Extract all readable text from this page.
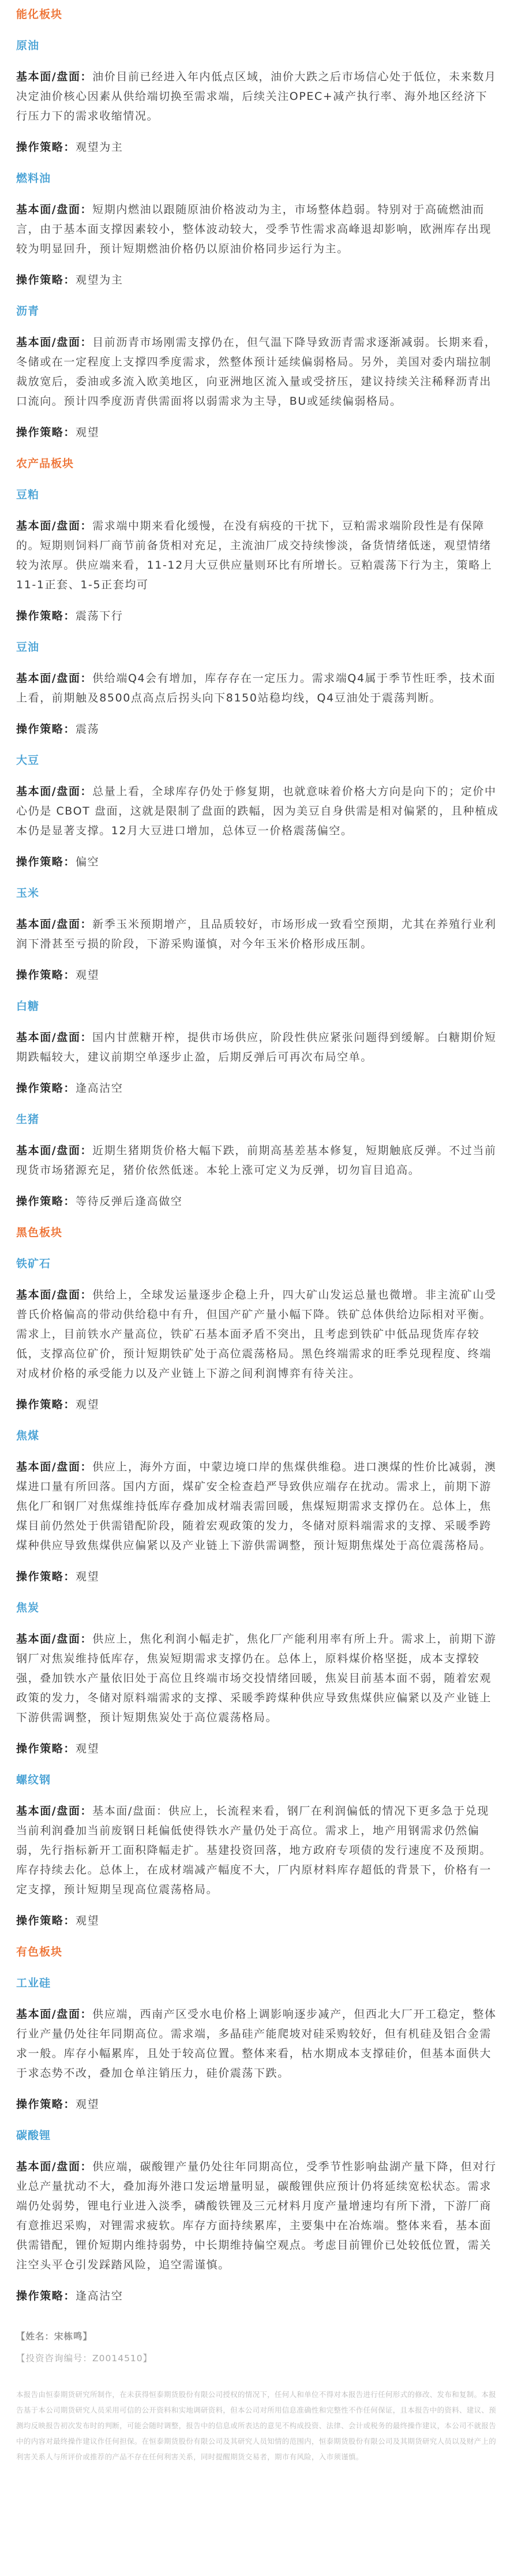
能化板块
原油

基本面/盘面：油价目前已经进入年内低点区域，油价大跌之后市场信心处于低位，未来数月决定油价核心因素从供给端切换至需求端，后续关注OPEC+减产执行率、海外地区经济下行压力下的需求收缩情况。

操作策略：观望为主

燃料油

基本面/盘面：短期内燃油以跟随原油价格波动为主，市场整体趋弱。特别对于高硫燃油而言，由于基本面支撑因素较小，整体波动较大，受季节性需求高峰退却影响，欧洲库存出现较为明显回升，预计短期燃油价格仍以原油价格同步运行为主。

操作策略：观望为主

沥青

基本面/盘面：目前沥青市场刚需支撑仍在，但气温下降导致沥青需求逐渐减弱。长期来看，冬储或在一定程度上支撑四季度需求，然整体预计延续偏弱格局。另外，美国对委内瑞拉制裁放宽后，委油或多流入欧美地区，向亚洲地区流入量或受挤压，建议持续关注稀释沥青出口流向。预计四季度沥青供需面将以弱需求为主导，BU或延续偏弱格局。

操作策略：观望

农产品板块
豆粕

基本面/盘面：需求端中期来看化缓慢，在没有病疫的干扰下，豆粕需求端阶段性是有保障的。短期则饲料厂商节前备货相对充足，主流油厂成交持续惨淡，备货情绪低迷，观望情绪较为浓厚。供应端来看，11-12月大豆供应量则环比有所增长。豆粕震荡下行为主，策略上11-1正套、1-5正套均可

操作策略：震荡下行

豆油

基本面/盘面：供给端Q4会有增加，库存存在一定压力。需求端Q4属于季节性旺季，技术面上看，前期触及8500点高点后拐头向下8150站稳均线，Q4豆油处于震荡判断。

操作策略：震荡

大豆

基本面/盘面：总量上看，全球库存仍处于修复期，也就意味着价格大方向是向下的；定价中心仍是 CBOT 盘面，这就是限制了盘面的跌幅，因为美豆自身供需是相对偏紧的，且种植成本仍是显著支撑。12月大豆进口增加，总体豆一价格震荡偏空。

操作策略：偏空

玉米

基本面/盘面：新季玉米预期增产，且品质较好，市场形成一致看空预期，尤其在养殖行业利润下滑甚至亏损的阶段，下游采购谨慎，对今年玉米价格形成压制。

操作策略：观望

白糖

基本面/盘面：国内甘蔗糖开榨，提供市场供应，阶段性供应紧张问题得到缓解。白糖期价短期跌幅较大，建议前期空单逐步止盈，后期反弹后可再次布局空单。

操作策略：逢高沽空

生猪

基本面/盘面：近期生猪期货价格大幅下跌，前期高基差基本修复，短期触底反弹。不过当前现货市场猪源充足，猪价依然低迷。本轮上涨可定义为反弹，切勿盲目追高。

操作策略：等待反弹后逢高做空

黑色板块
铁矿石

基本面/盘面：供给上，全球发运量逐步企稳上升，四大矿山发运总量也微增。非主流矿山受普氏价格偏高的带动供给稳中有升，但国产矿产量小幅下降。铁矿总体供给边际相对平衡。需求上，目前铁水产量高位，铁矿石基本面矛盾不突出，且考虑到铁矿中低品现货库存较低，支撑高位矿价，预计短期铁矿处于高位震荡格局。黑色终端需求的旺季兑现程度、终端对成材价格的承受能力以及产业链上下游之间利润博弈有待关注。

操作策略：观望

焦煤

基本面/盘面：供应上，海外方面，中蒙边境口岸的焦煤供维稳。进口澳煤的性价比减弱，澳煤进口量有所回落。国内方面，煤矿安全检查趋严导致供应端存在扰动。需求上，前期下游焦化厂和钢厂对焦煤维持低库存叠加成材端表需回暖，焦煤短期需求支撑仍在。总体上，焦煤目前仍然处于供需错配阶段，随着宏观政策的发力，冬储对原料端需求的支撑、采暖季跨煤种供应导致焦煤供应偏紧以及产业链上下游供需调整，预计短期焦煤处于高位震荡格局。

操作策略：观望

焦炭

基本面/盘面：供应上，焦化利润小幅走扩，焦化厂产能利用率有所上升。需求上，前期下游钢厂对焦炭维持低库存，焦炭短期需求支撑仍在。总体上，原料煤价格坚挺，成本支撑较强，叠加铁水产量依旧处于高位且终端市场交投情绪回暖，焦炭目前基本面不弱，随着宏观政策的发力，冬储对原料端需求的支撑、采暖季跨煤种供应导致焦煤供应偏紧以及产业链上下游供需调整，预计短期焦炭处于高位震荡格局。

操作策略：观望

螺纹钢

基本面/盘面：基本面/盘面：供应上，长流程来看，钢厂在利润偏低的情况下更多急于兑现当前利润叠加当前废钢日耗偏低使得铁水产量仍处于高位。需求上，地产用钢需求仍然偏弱，先行指标新开工面积降幅走扩。基建投资回落，地方政府专项债的发行速度不及预期。库存持续去化。总体上，在成材端减产幅度不大，厂内原材料库存超低的背景下，价格有一定支撑，预计短期呈现高位震荡格局。

操作策略：观望

有色板块
工业硅

基本面/盘面：供应端，西南产区受水电价格上调影响逐步减产，但西北大厂开工稳定，整体行业产量仍处往年同期高位。需求端，多晶硅产能爬坡对硅采购较好，但有机硅及铝合金需求一般。库存小幅累库，且处于较高位置。整体来看，枯水期成本支撑硅价，但基本面供大于求态势不改，叠加仓单注销压力，硅价震荡下跌。

操作策略：观望

碳酸锂

基本面/盘面：供应端，碳酸锂产量仍处往年同期高位，受季节性影响盐湖产量下降，但对行业总产量扰动不大，叠加海外港口发运增量明显，碳酸锂供应预计仍将延续宽松状态。需求端仍处弱势，锂电行业进入淡季，磷酸铁锂及三元材料月度产量增速均有所下滑，下游厂商有意推迟采购，对锂需求疲软。库存方面持续累库，主要集中在冶炼端。整体来看，基本面供需错配，锂价短期内维持弱势，中长期维持偏空观点。考虑目前锂价已处较低位置，需关注空头平仓引发踩踏风险，追空需谨慎。

操作策略：逢高沽空

【姓名：宋栋鸣】

【投资咨询编号：Z0014510】

本报告由恒泰期货研究所制作，在未获得恒泰期货股份有限公司授权的情况下，任何人和单位不得对本报告进行任何形式的修改、发布和复制。本报告基于本公司期货研究人员采用可信的公开资料和实地调研资料，但本公司对所用信息准确性和完整性不作任何保证，且本报告中的资料、建议、预测均反映报告初次发布时的判断，可能会随时调整，报告中的信息或所表达的意见不构成投资、法律、会计或税务的最终操作建议，本公司不就报告中的内容对最终操作建议作任何担保。在恒泰期货股份有限公司及其研究人员知情的范围内，恒泰期货股份有限公司及其期货研究人员以及财产上的利害关系人与所评价或推荐的产品不存在任何利害关系，同时提醒期货交易者，期市有风险，入市须谨慎。
